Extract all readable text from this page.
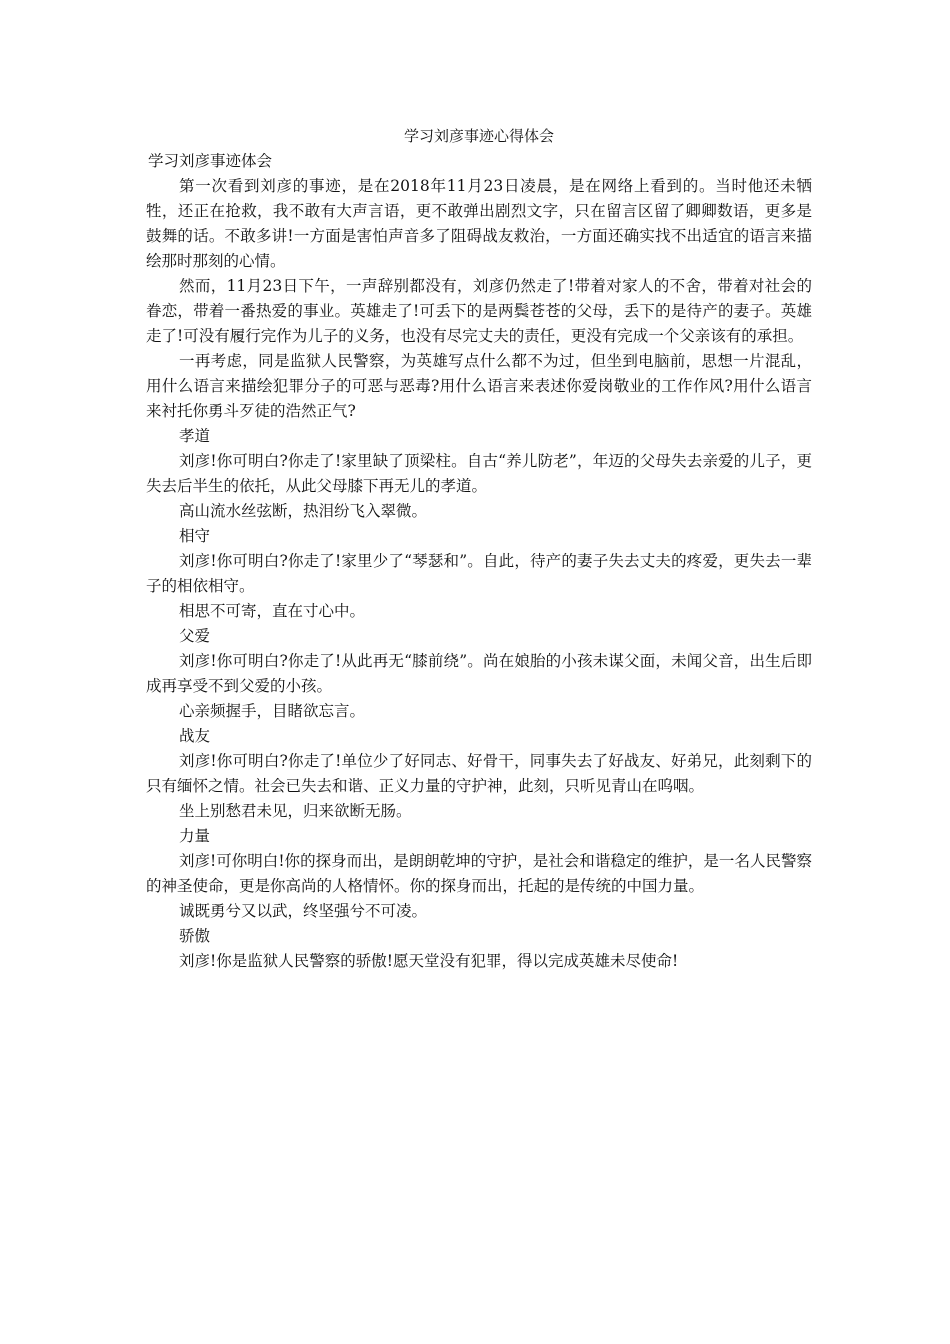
学习刘彦事迹心得体会

学习刘彦事迹体会

第一次看到刘彦的事迹，是在2018年11月23日凌晨，是在网络上看到的。当时他还未牺牲，还正在抢救，我不敢有大声言语，更不敢弹出剧烈文字，只在留言区留了卿卿数语，更多是鼓舞的话。不敢多讲!一方面是害怕声音多了阻碍战友救治，一方面还确实找不出适宜的语言来描绘那时那刻的心情。

然而，11月23日下午，一声辞别都没有，刘彦仍然走了!带着对家人的不舍，带着对社会的眷恋，带着一番热爱的事业。英雄走了!可丢下的是两鬓苍苍的父母，丢下的是待产的妻子。英雄走了!可没有履行完作为儿子的义务，也没有尽完丈夫的责任，更没有完成一个父亲该有的承担。

一再考虑，同是监狱人民警察，为英雄写点什么都不为过，但坐到电脑前，思想一片混乱，用什么语言来描绘犯罪分子的可恶与恶毒?用什么语言来表述你爱岗敬业的工作作风?用什么语言来衬托你勇斗歹徒的浩然正气?

孝道

刘彦!你可明白?你走了!家里缺了顶梁柱。自古“养儿防老”，年迈的父母失去亲爱的儿子，更失去后半生的依托，从此父母膝下再无儿的孝道。

高山流水丝弦断，热泪纷飞入翠微。

相守

刘彦!你可明白?你走了!家里少了“琴瑟和”。自此，待产的妻子失去丈夫的疼爱，更失去一辈子的相依相守。

相思不可寄，直在寸心中。

父爱

刘彦!你可明白?你走了!从此再无“膝前绕”。尚在娘胎的小孩未谋父面，未闻父音，出生后即成再享受不到父爱的小孩。

心亲频握手，目睹欲忘言。

战友

刘彦!你可明白?你走了!单位少了好同志、好骨干，同事失去了好战友、好弟兄，此刻剩下的只有缅怀之情。社会已失去和谐、正义力量的守护神，此刻，只听见青山在呜咽。

坐上别愁君未见，归来欲断无肠。

力量

刘彦!可你明白!你的探身而出，是朗朗乾坤的守护，是社会和谐稳定的维护，是一名人民警察的神圣使命，更是你高尚的人格情怀。你的探身而出，托起的是传统的中国力量。

诚既勇兮又以武，终坚强兮不可凌。

骄傲

刘彦!你是监狱人民警察的骄傲!愿天堂没有犯罪，得以完成英雄未尽使命!
